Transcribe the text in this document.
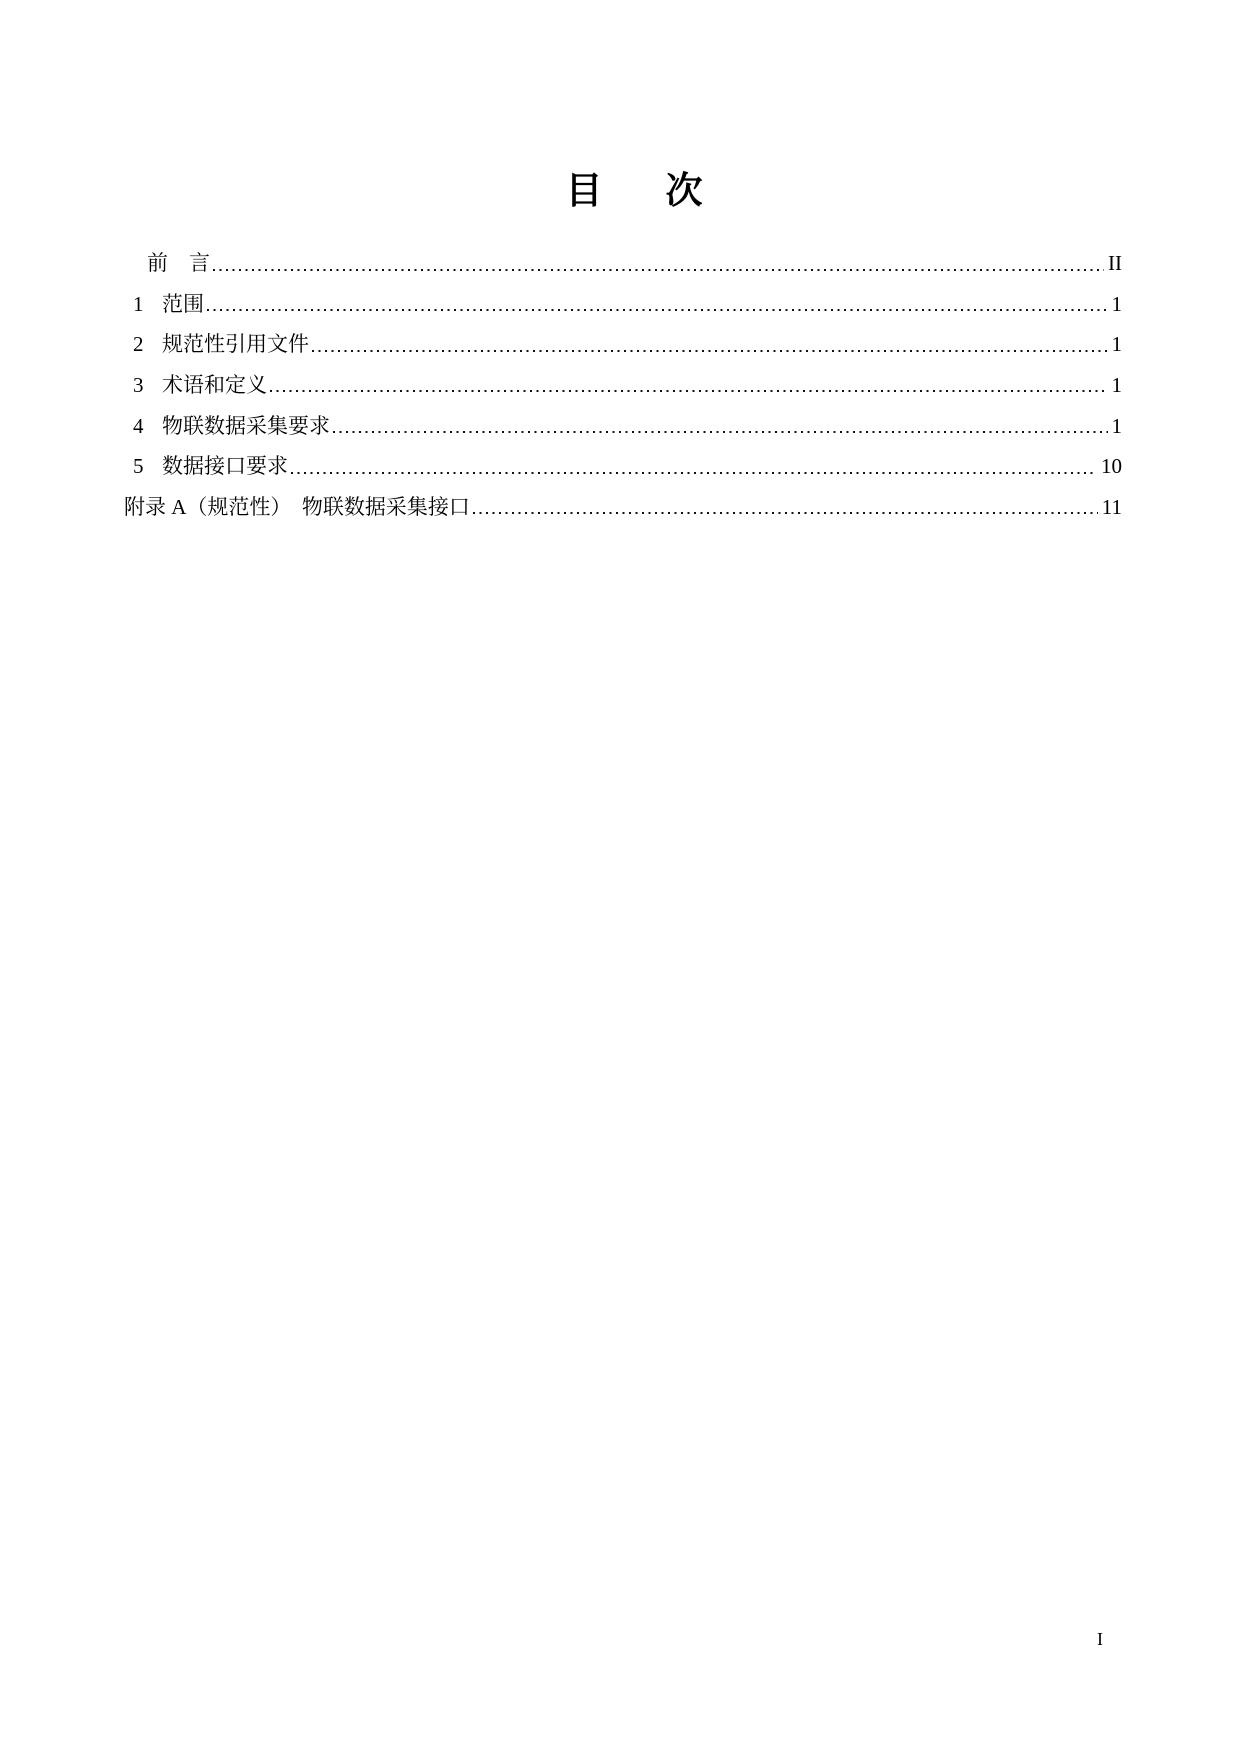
目 次
前　言	II
1 范围	1
2 规范性引用文件	1
3 术语和定义	1
4 物联数据采集要求	1
5 数据接口要求	10
附录 A（规范性）　物联数据采集接口	11
I
